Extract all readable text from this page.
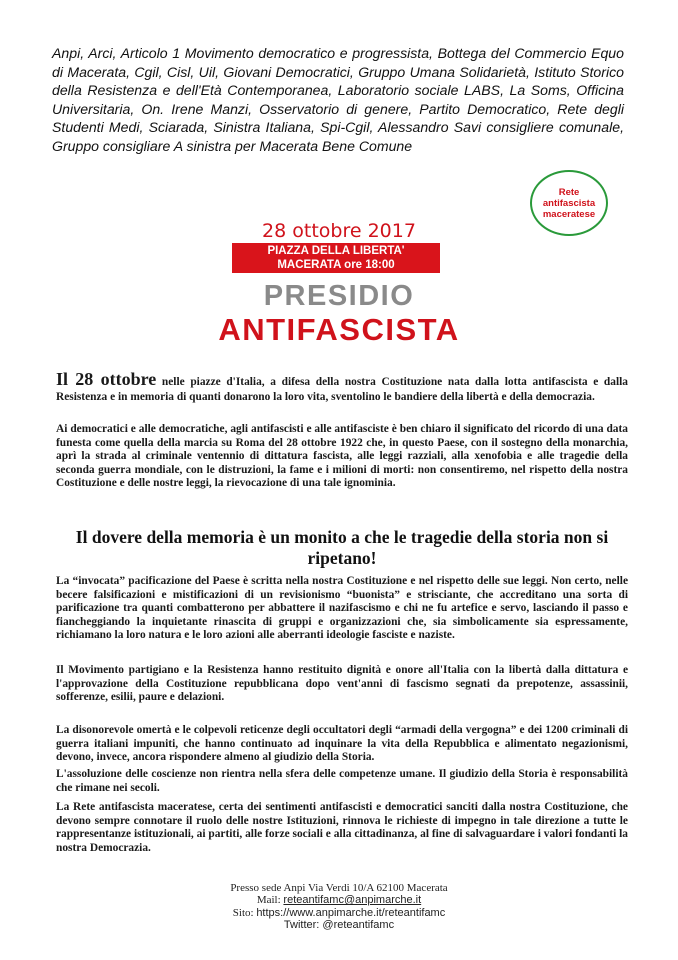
Anpi, Arci, Articolo 1 Movimento democratico e progressista, Bottega del Commercio Equo di Macerata, Cgil, Cisl, Uil, Giovani Democratici, Gruppo Umana Solidarietà, Istituto Storico della Resistenza e dell'Età Contemporanea, Laboratorio sociale LABS, La Soms, Officina Universitaria, On. Irene Manzi, Osservatorio di genere, Partito Democratico, Rete degli Studenti Medi, Sciarada, Sinistra Italiana, Spi-Cgil, Alessandro Savi consigliere comunale, Gruppo consigliare A sinistra per Macerata Bene Comune

Rete
antifascista
maceratese
28 ottobre 2017
PIAZZA DELLA LIBERTA'
MACERATA ore 18:00
PRESIDIO
ANTIFASCISTA

Il 28 ottobre nelle piazze d'Italia, a difesa della nostra Costituzione nata dalla lotta antifascista e dalla Resistenza e in memoria di quanti donarono la loro vita, sventolino le bandiere della libertà e della democrazia.

Ai democratici e alle democratiche, agli antifascisti e alle antifasciste è ben chiaro il significato del ricordo di una data funesta come quella della marcia su Roma del 28 ottobre 1922 che, in questo Paese, con il sostegno della monarchia, aprì la strada al criminale ventennio di dittatura fascista, alle leggi razziali, alla xenofobia e alle tragedie della seconda guerra mondiale, con le distruzioni, la fame e i milioni di morti: non consentiremo, nel rispetto della nostra Costituzione e delle nostre leggi, la rievocazione di una tale ignominia.

Il dovere della memoria è un monito a che le tragedie della storia non si ripetano!

La “invocata” pacificazione del Paese è scritta nella nostra Costituzione e nel rispetto delle sue leggi. Non certo, nelle becere falsificazioni e mistificazioni di un revisionismo “buonista” e strisciante, che accreditano una sorta di parificazione tra quanti combatterono per abbattere il nazifascismo e chi ne fu artefice e servo, lasciando il passo e fiancheggiando la inquietante rinascita di gruppi e organizzazioni che, sia simbolicamente sia espressamente, richiamano la loro natura e le loro azioni alle aberranti ideologie fasciste e naziste.

Il Movimento partigiano e la Resistenza hanno restituito dignità e onore all'Italia con la libertà dalla dittatura e l'approvazione della Costituzione repubblicana dopo vent'anni di fascismo segnati da prepotenze, assassinii, sofferenze, esilii, paure e delazioni.

La disonorevole omertà e le colpevoli reticenze degli occultatori degli “armadi della vergogna” e dei 1200 criminali di guerra italiani impuniti, che hanno continuato ad inquinare la vita della Repubblica e alimentato negazionismi, devono, invece, ancora rispondere almeno al giudizio della Storia.

L'assoluzione delle coscienze non rientra nella sfera delle competenze umane. Il giudizio della Storia è responsabilità che rimane nei secoli.

La Rete antifascista maceratese, certa dei sentimenti antifascisti e democratici sanciti dalla nostra Costituzione, che devono sempre connotare il ruolo delle nostre Istituzioni, rinnova le richieste di impegno in tale direzione a tutte le rappresentanze istituzionali, ai partiti, alle forze sociali e alla cittadinanza, al fine di salvaguardare i valori fondanti la nostra Democrazia.

Presso sede Anpi Via Verdi 10/A 62100 Macerata
Mail: reteantifamc@anpimarche.it
Sito: https://www.anpimarche.it/reteantifamc
Twitter: @reteantifamc
